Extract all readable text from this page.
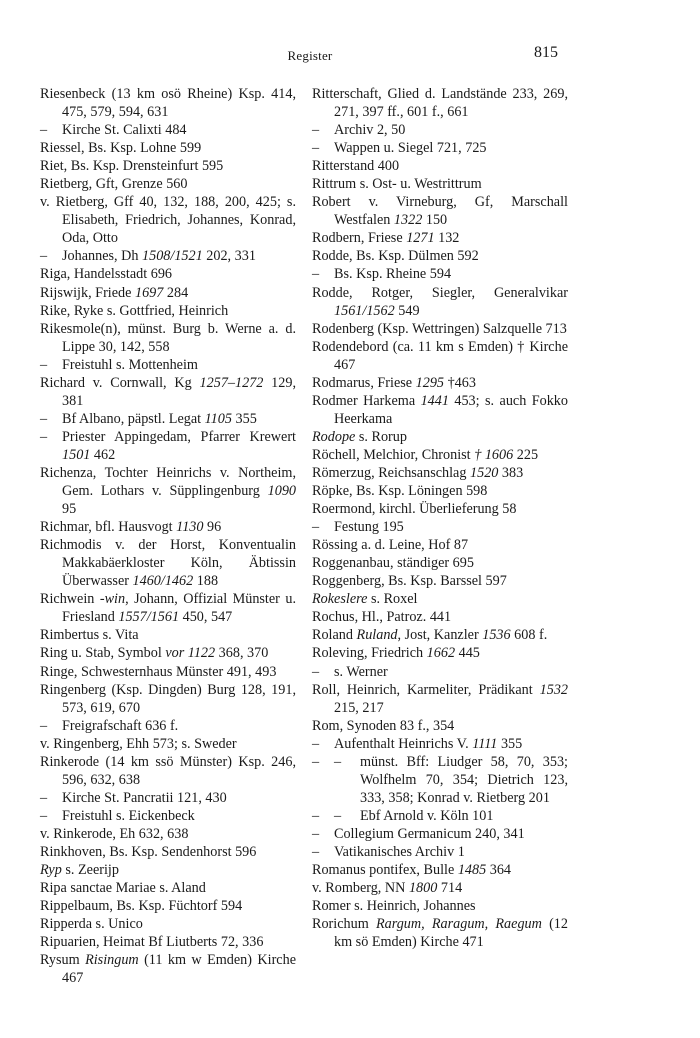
Register	815

Riesenbeck (13 km osö Rheine) Ksp. 414, 475, 579, 594, 631

– Kirche St. Calixti 484

Riessel, Bs. Ksp. Lohne 599

Riet, Bs. Ksp. Drensteinfurt 595

Rietberg, Gft, Grenze 560

v. Rietberg, Gff 40, 132, 188, 200, 425; s. Elisabeth, Friedrich, Johannes, Konrad, Oda, Otto

– Johannes, Dh 1508/1521 202, 331

Riga, Handelsstadt 696

Rijswijk, Friede 1697 284

Rike, Ryke s. Gottfried, Heinrich

Rikesmole(n), münst. Burg b. Werne a. d. Lippe 30, 142, 558

– Freistuhl s. Mottenheim

Richard v. Cornwall, Kg 1257–1272 129, 381

– Bf Albano, päpstl. Legat 1105 355

– Priester Appingedam, Pfarrer Krewert 1501 462

Richenza, Tochter Heinrichs v. Northeim, Gem. Lothars v. Süpplingenburg 1090 95

Richmar, bfl. Hausvogt 1130 96

Richmodis v. der Horst, Konventualin Makkabäerkloster Köln, Äbtissin Überwasser 1460/1462 188

Richwein -win, Johann, Offizial Münster u. Friesland 1557/1561 450, 547

Rimbertus s. Vita

Ring u. Stab, Symbol vor 1122 368, 370

Ringe, Schwesternhaus Münster 491, 493

Ringenberg (Ksp. Dingden) Burg 128, 191, 573, 619, 670

– Freigrafschaft 636 f.

v. Ringenberg, Ehh 573; s. Sweder

Rinkerode (14 km ssö Münster) Ksp. 246, 596, 632, 638

– Kirche St. Pancratii 121, 430

– Freistuhl s. Eickenbeck

v. Rinkerode, Eh 632, 638

Rinkhoven, Bs. Ksp. Sendenhorst 596

Ryp s. Zeerijp

Ripa sanctae Mariae s. Aland

Rippelbaum, Bs. Ksp. Füchtorf 594

Ripperda s. Unico

Ripuarien, Heimat Bf Liutberts 72, 336

Rysum Risingum (11 km w Emden) Kirche 467

Ritterschaft, Glied d. Landstände 233, 269, 271, 397 ff., 601 f., 661

– Archiv 2, 50

– Wappen u. Siegel 721, 725

Ritterstand 400

Rittrum s. Ost- u. Westrittrum

Robert v. Virneburg, Gf, Marschall Westfalen 1322 150

Rodbern, Friese 1271 132

Rodde, Bs. Ksp. Dülmen 592

– Bs. Ksp. Rheine 594

Rodde, Rotger, Siegler, Generalvikar 1561/1562 549

Rodenberg (Ksp. Wettringen) Salzquelle 713

Rodendebord (ca. 11 km s Emden) † Kirche 467

Rodmarus, Friese 1295 †463

Rodmer Harkema 1441 453; s. auch Fokko Heerkama

Rodope s. Rorup

Röchell, Melchior, Chronist † 1606 225

Römerzug, Reichsanschlag 1520 383

Röpke, Bs. Ksp. Löningen 598

Roermond, kirchl. Überlieferung 58

– Festung 195

Rössing a. d. Leine, Hof 87

Roggenanbau, ständiger 695

Roggenberg, Bs. Ksp. Barssel 597

Rokeslere s. Roxel

Rochus, Hl., Patroz. 441

Roland Ruland, Jost, Kanzler 1536 608 f.

Roleving, Friedrich 1662 445

– s. Werner

Roll, Heinrich, Karmeliter, Prädikant 1532 215, 217

Rom, Synoden 83 f., 354

– Aufenthalt Heinrichs V. 1111 355

– – münst. Bff: Liudger 58, 70, 353; Wolfhelm 70, 354; Dietrich 123, 333, 358; Konrad v. Rietberg 201

– – Ebf Arnold v. Köln 101

– Collegium Germanicum 240, 341

– Vatikanisches Archiv 1

Romanus pontifex, Bulle 1485 364

v. Romberg, NN 1800 714

Romer s. Heinrich, Johannes

Rorichum Rargum, Raragum, Raegum (12 km sö Emden) Kirche 471
